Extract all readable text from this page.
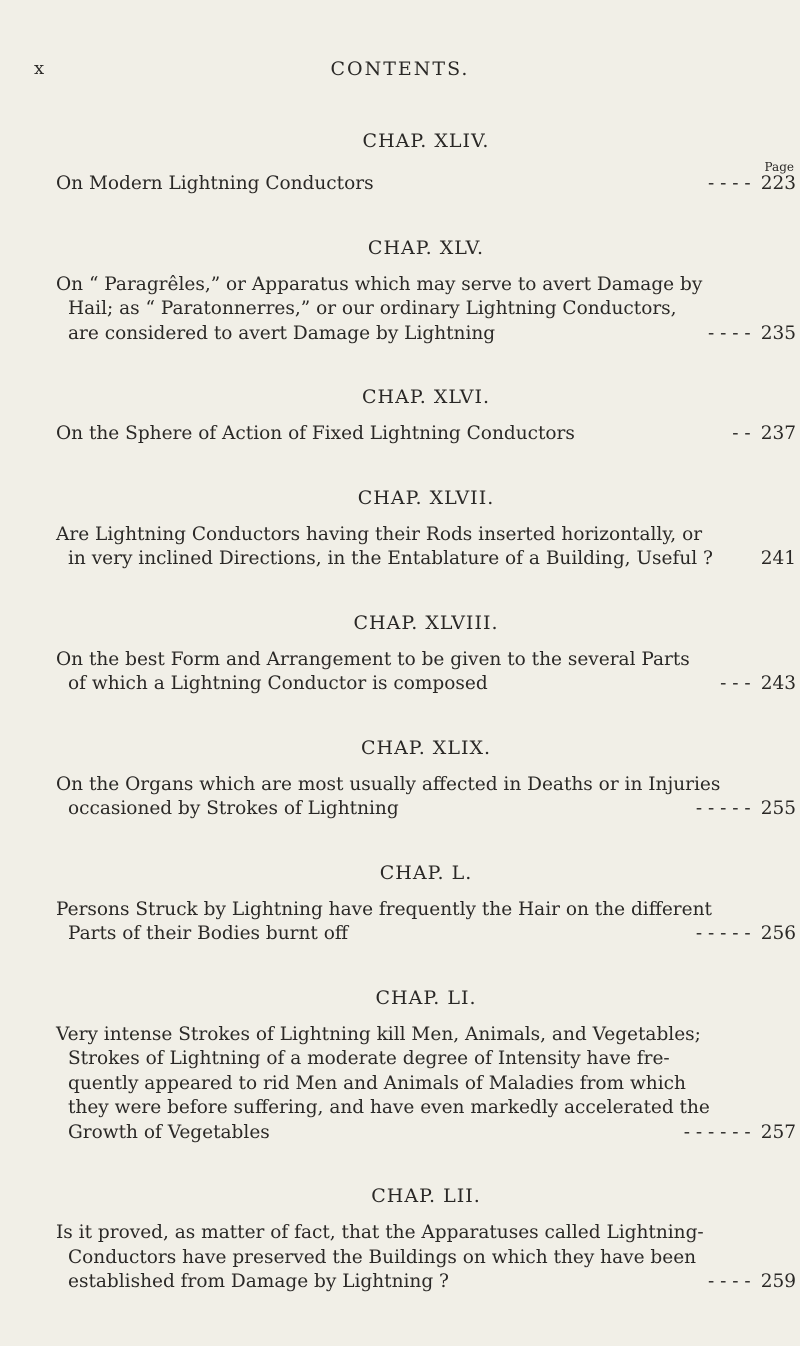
x	CONTENTS.
CHAP. XLIV.
Page
On Modern Lightning Conductors	- - - - 223
CHAP. XLV.
On “ Paragrêles,” or Apparatus which may serve to avert Damage by
Hail; as “ Paratonnerres,” or our ordinary Lightning Conductors,
are considered to avert Damage by Lightning	- - - - 235
CHAP. XLVI.
On the Sphere of Action of Fixed Lightning Conductors	- - 237
CHAP. XLVII.
Are Lightning Conductors having their Rods inserted horizontally, or
in very inclined Directions, in the Entablature of a Building, Useful ?	241
CHAP. XLVIII.
On the best Form and Arrangement to be given to the several Parts
of which a Lightning Conductor is composed	- - - 243
CHAP. XLIX.
On the Organs which are most usually affected in Deaths or in Injuries
occasioned by Strokes of Lightning	- - - - - 255
CHAP. L.
Persons Struck by Lightning have frequently the Hair on the different
Parts of their Bodies burnt off	- - - - - 256
CHAP. LI.
Very intense Strokes of Lightning kill Men, Animals, and Vegetables;
Strokes of Lightning of a moderate degree of Intensity have fre-
quently appeared to rid Men and Animals of Maladies from which
they were before suffering, and have even markedly accelerated the
Growth of Vegetables	- - - - - - 257
CHAP. LII.
Is it proved, as matter of fact, that the Apparatuses called Lightning-
Conductors have preserved the Buildings on which they have been
established from Damage by Lightning ?	- - - - 259
